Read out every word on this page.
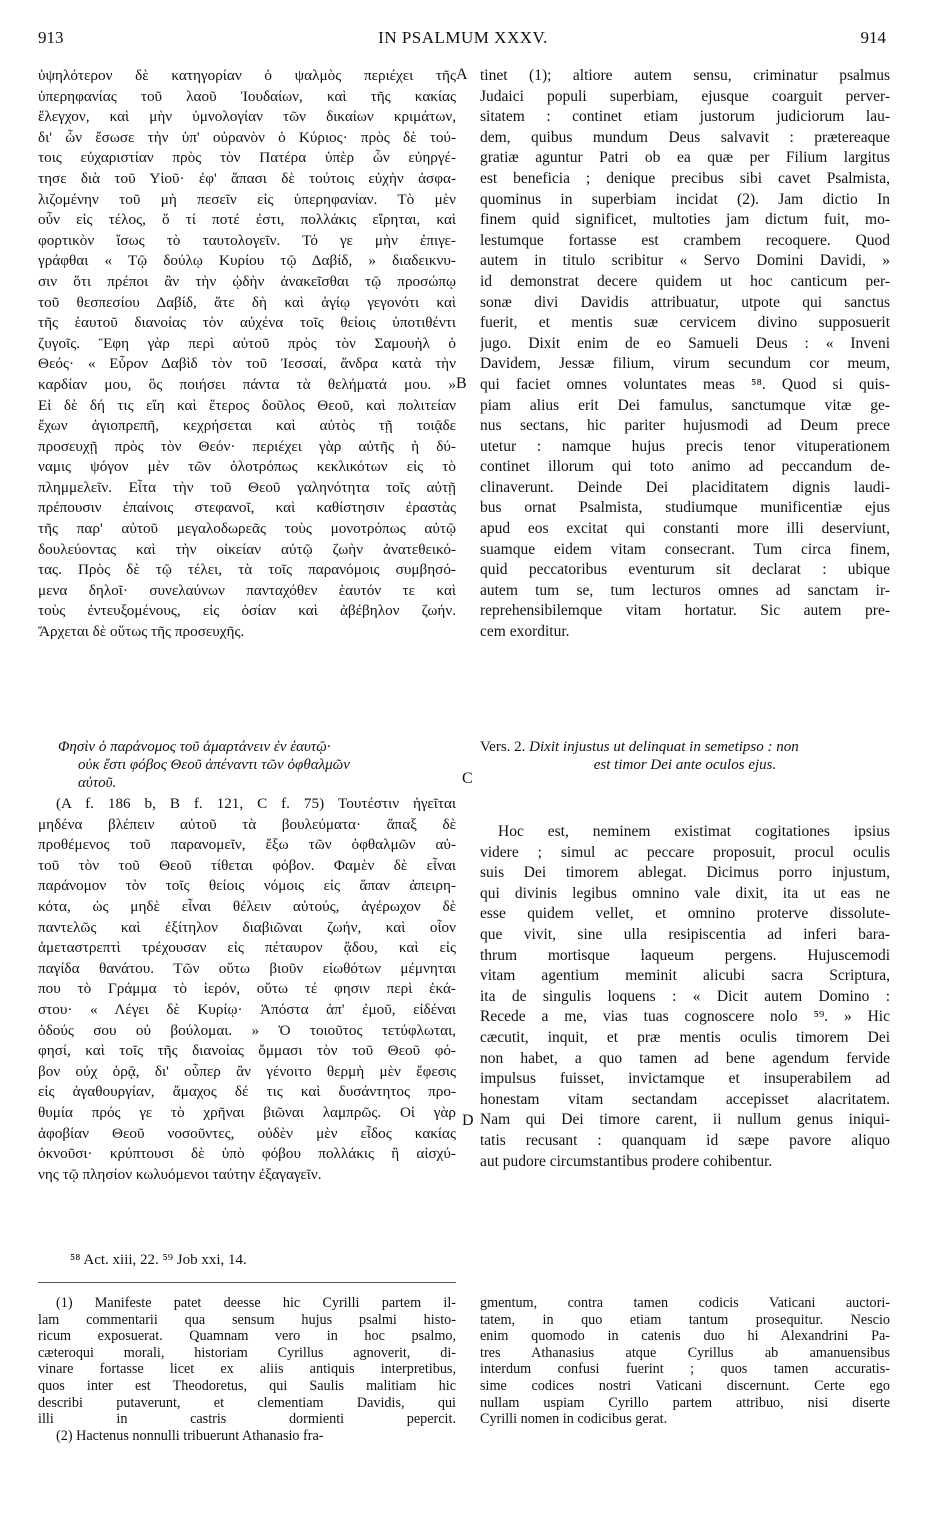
913	IN PSALMUM XXXV.	914
A
B
C
D
ὑψηλότερον δὲ κατηγορίαν ὁ ψαλμὸς περιέχει τῆς
ὑπερηφανίας τοῦ λαοῦ Ἰουδαίων, καὶ τῆς κακίας
ἔλεγχον, καὶ μὴν ὑμνολογίαν τῶν δικαίων κριμάτων,
δι' ὧν ἔσωσε τὴν ὑπ' οὐρανὸν ὁ Κύριος· πρὸς δὲ τού-
τοις εὐχαριστίαν πρὸς τὸν Πατέρα ὑπὲρ ὧν εὐηργέ-
τησε διὰ τοῦ Υἱοῦ· ἐφ' ἅπασι δὲ τούτοις εὐχὴν ἀσφα-
λιζομένην τοῦ μὴ πεσεῖν εἰς ὑπερηφανίαν. Τὸ μὲν
οὖν εἰς τέλος, ὅ τί ποτέ ἐστι, πολλάκις εἴρηται, καὶ
φορτικὸν ἴσως τὸ ταυτολογεῖν. Τό γε μὴν ἐπιγε-
γράφθαι « Τῷ δούλῳ Κυρίου τῷ Δαβίδ, » διαδεικνυ-
σιν ὅτι πρέποι ἂν τὴν ᾠδὴν ἀνακεῖσθαι τῷ προσώπῳ
τοῦ θεσπεσίου Δαβίδ, ἅτε δὴ καὶ ἁγίῳ γεγονότι καὶ
τῆς ἑαυτοῦ διανοίας τὸν αὐχένα τοῖς θείοις ὑποτιθέντι
ζυγοῖς. Ἔφη γὰρ περὶ αὐτοῦ πρὸς τὸν Σαμουὴλ ὁ
Θεός· « Εὗρον Δαβὶδ τὸν τοῦ Ἰεσσαί, ἄνδρα κατὰ τὴν
καρδίαν μου, ὃς ποιήσει πάντα τὰ θελήματά μου. »
Εἰ δὲ δή τις εἴη καὶ ἕτερος δοῦλος Θεοῦ, καὶ πολιτείαν
ἔχων ἁγιοπρεπῆ, κεχρήσεται καὶ αὐτὸς τῇ τοιᾷδε
προσευχῇ πρὸς τὸν Θεόν· περιέχει γὰρ αὐτῆς ἡ δύ-
ναμις ψόγον μὲν τῶν ὁλοτρόπως κεκλικότων εἰς τὸ
πλημμελεῖν. Εἶτα τὴν τοῦ Θεοῦ γαληνότητα τοῖς αὐτῇ
πρέπουσιν ἐπαίνοις στεφανοῖ, καὶ καθίστησιν ἐραστὰς
τῆς παρ' αὐτοῦ μεγαλοδωρεᾶς τοὺς μονοτρόπως αὐτῷ
δουλεύοντας καὶ τὴν οἰκείαν αὐτῷ ζωὴν ἀνατεθεικό-
τας. Πρὸς δὲ τῷ τέλει, τὰ τοῖς παρανόμοις συμβησό-
μενα δηλοῖ· συνελαύνων πανταχόθεν ἑαυτόν τε καὶ
τοὺς ἐντευξομένους, εἰς ὁσίαν καὶ ἀβέβηλον ζωήν.
Ἄρχεται δὲ οὕτως τῆς προσευχῆς.
Φησὶν ὁ παράνομος τοῦ ἁμαρτάνειν ἐν ἑαυτῷ·
οὐκ ἔστι φόβος Θεοῦ ἀπέναντι τῶν ὀφθαλμῶν
αὐτοῦ.
(A f. 186 b, B f. 121, C f. 75) Τουτέστιν ἡγεῖται
μηδένα βλέπειν αὐτοῦ τὰ βουλεύματα· ἅπαξ δὲ
προθέμενος τοῦ παρανομεῖν, ἔξω τῶν ὀφθαλμῶν αὐ-
τοῦ τὸν τοῦ Θεοῦ τίθεται φόβον. Φαμὲν δὲ εἶναι
παράνομον τὸν τοῖς θείοις νόμοις εἰς ἅπαν ἀπειρη-
κότα, ὡς μηδὲ εἶναι θέλειν αὐτούς, ἀγέρωχον δὲ
παντελῶς καὶ ἐξίτηλον διαβιῶναι ζωήν, καὶ οἷον
ἀμεταστρεπτὶ τρέχουσαν εἰς πέταυρον ᾅδου, καὶ εἰς
παγίδα θανάτου. Τῶν οὕτω βιοῦν εἰωθότων μέμνηται
που τὸ Γράμμα τὸ ἱερόν, οὕτω τέ φησιν περὶ ἑκά-
στου· « Λέγει δὲ Κυρίῳ· Ἀπόστα ἀπ' ἐμοῦ, εἰδέναι
ὁδούς σου οὐ βούλομαι. » Ὁ τοιοῦτος τετύφλωται,
φησί, καὶ τοῖς τῆς διανοίας ὄμμασι τὸν τοῦ Θεοῦ φό-
βον οὐχ ὁρᾷ, δι' οὗπερ ἂν γένοιτο θερμὴ μὲν ἔφεσις
εἰς ἀγαθουργίαν, ἄμαχος δέ τις καὶ δυσάντητος προ-
θυμία πρός γε τὸ χρῆναι βιῶναι λαμπρῶς. Οἱ γὰρ
ἀφοβίαν Θεοῦ νοσοῦντες, οὐδὲν μὲν εἶδος κακίας
ὀκνοῦσι· κρύπτουσι δὲ ὑπὸ φόβου πολλάκις ἢ αἰσχύ-
νης τῷ πλησίον κωλυόμενοι ταύτην ἐξαγαγεῖν.
tinet (1); altiore autem sensu, criminatur psalmus
Judaici populi superbiam, ejusque coarguit perver-
sitatem : continet etiam justorum judiciorum lau-
dem, quibus mundum Deus salvavit : prætereaque
gratiæ aguntur Patri ob ea quæ per Filium largitus
est beneficia ; denique precibus sibi cavet Psalmista,
quominus in superbiam incidat (2). Jam dictio In
finem quid significet, multoties jam dictum fuit, mo-
lestumque fortasse est crambem recoquere. Quod
autem in titulo scribitur « Servo Domini Davidi, »
id demonstrat decere quidem ut hoc canticum per-
sonæ divi Davidis attribuatur, utpote qui sanctus
fuerit, et mentis suæ cervicem divino supposuerit
jugo. Dixit enim de eo Samueli Deus : « Inveni
Davidem, Jessæ filium, virum secundum cor meum,
qui faciet omnes voluntates meas ⁵⁸. Quod si quis-
piam alius erit Dei famulus, sanctumque vitæ ge-
nus sectans, hic pariter hujusmodi ad Deum prece
utetur : namque hujus precis tenor vituperationem
continet illorum qui toto animo ad peccandum de-
clinaverunt. Deinde Dei placiditatem dignis laudi-
bus ornat Psalmista, studiumque munificentiæ ejus
apud eos excitat qui constanti more illi deserviunt,
suamque eidem vitam consecrant. Tum circa finem,
quid peccatoribus eventurum sit declarat : ubique
autem tum se, tum lecturos omnes ad sanctam ir-
reprehensibilemque vitam hortatur. Sic autem pre-
cem exorditur.
Vers. 2. Dixit injustus ut delinquat in semetipso : non
est timor Dei ante oculos ejus.
Hoc est, neminem existimat cogitationes ipsius
videre ; simul ac peccare proposuit, procul oculis
suis Dei timorem ablegat. Dicimus porro injustum,
qui divinis legibus omnino vale dixit, ita ut eas ne
esse quidem vellet, et omnino proterve dissolute-
que vivit, sine ulla resipiscentia ad inferi bara-
thrum mortisque laqueum pergens. Hujuscemodi
vitam agentium meminit alicubi sacra Scriptura,
ita de singulis loquens : « Dicit autem Domino :
Recede a me, vias tuas cognoscere nolo ⁵⁹. » Hic
cæcutit, inquit, et præ mentis oculis timorem Dei
non habet, a quo tamen ad bene agendum fervide
impulsus fuisset, invictamque et insuperabilem ad
honestam vitam sectandam accepisset alacritatem.
Nam qui Dei timore carent, ii nullum genus iniqui-
tatis recusant : quanquam id sæpe pavore aliquo
aut pudore circumstantibus prodere cohibentur.
⁵⁸ Act. xiii, 22. ⁵⁹ Job xxi, 14.
(1) Manifeste patet deesse hic Cyrilli partem il-
lam commentarii qua sensum hujus psalmi histo-
ricum exposuerat. Quamnam vero in hoc psalmo,
cæteroqui morali, historiam Cyrillus agnoverit, di-
vinare fortasse licet ex aliis antiquis interpretibus,
quos inter est Theodoretus, qui Saulis malitiam hic
describi putaverunt, et clementiam Davidis, qui
illi in castris dormienti pepercit.
(2) Hactenus nonnulli tribuerunt Athanasio fra-
gmentum, contra tamen codicis Vaticani auctori-
tatem, in quo etiam tantum prosequitur. Nescio
enim quomodo in catenis duo hi Alexandrini Pa-
tres Athanasius atque Cyrillus ab amanuensibus
interdum confusi fuerint ; quos tamen accuratis-
sime codices nostri Vaticani discernunt. Certe ego
nullam uspiam Cyrillo partem attribuo, nisi diserte
Cyrilli nomen in codicibus gerat.
